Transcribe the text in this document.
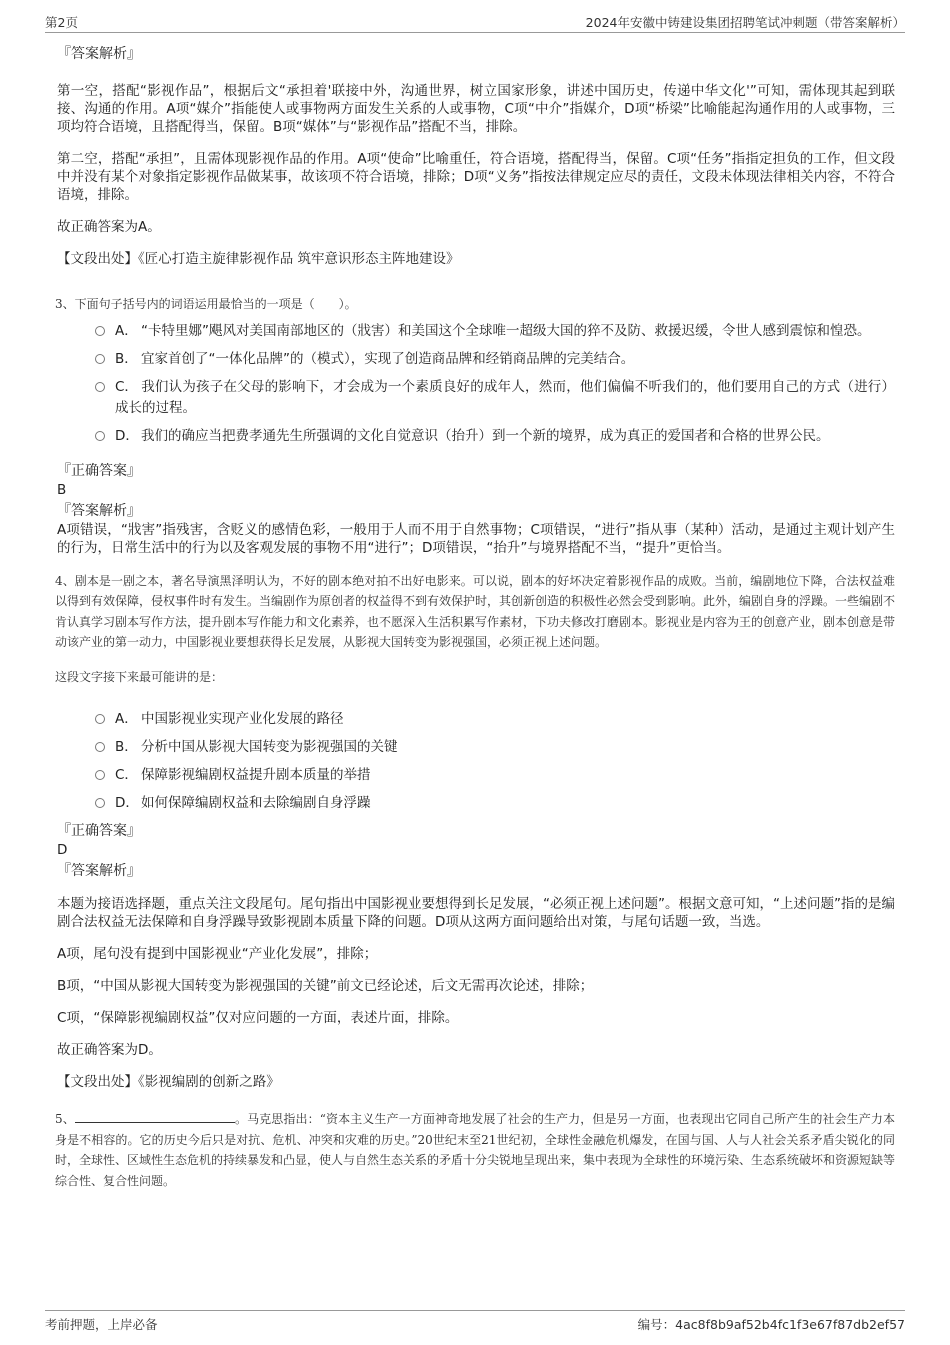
第2页	2024年安徽中铸建设集团招聘笔试冲刺题（带答案解析）
『答案解析』

第一空，搭配“影视作品”，根据后文“承担着'联接中外，沟通世界，树立国家形象，讲述中国历史，传递中华文化'”可知，需体现其起到联接、沟通的作用。A项“媒介”指能使人或事物两方面发生关系的人或事物，C项“中介”指媒介，D项“桥梁”比喻能起沟通作用的人或事物，三项均符合语境，且搭配得当，保留。B项“媒体”与“影视作品”搭配不当，排除。

第二空，搭配“承担”，且需体现影视作品的作用。A项“使命”比喻重任，符合语境，搭配得当，保留。C项“任务”指指定担负的工作，但文段中并没有某个对象指定影视作品做某事，故该项不符合语境，排除；D项“义务”指按法律规定应尽的责任，文段未体现法律相关内容，不符合语境，排除。

故正确答案为A。

【文段出处】《匠心打造主旋律影视作品 筑牢意识形态主阵地建设》

3、下面句子括号内的词语运用最恰当的一项是（　　）。

A． “卡特里娜”飓风对美国南部地区的（戕害）和美国这个全球唯一超级大国的猝不及防、救援迟缓，令世人感到震惊和惶恐。
B． 宜家首创了“一体化品牌”的（模式），实现了创造商品牌和经销商品牌的完美结合。
C． 我们认为孩子在父母的影响下，才会成为一个素质良好的成年人，然而，他们偏偏不听我们的，他们要用自己的方式（进行）成长的过程。
D． 我们的确应当把费孝通先生所强调的文化自觉意识（抬升）到一个新的境界，成为真正的爱国者和合格的世界公民。
『正确答案』
B
『答案解析』

A项错误，“戕害”指残害，含贬义的感情色彩，一般用于人而不用于自然事物；C项错误，“进行”指从事（某种）活动，是通过主观计划产生的行为，日常生活中的行为以及客观发展的事物不用“进行”；D项错误，“抬升”与境界搭配不当，“提升”更恰当。

4、剧本是一剧之本，著名导演黑泽明认为，不好的剧本绝对拍不出好电影来。可以说，剧本的好坏决定着影视作品的成败。当前，编剧地位下降，合法权益难以得到有效保障，侵权事件时有发生。当编剧作为原创者的权益得不到有效保护时，其创新创造的积极性必然会受到影响。此外，编剧自身的浮躁。一些编剧不肯认真学习剧本写作方法，提升剧本写作能力和文化素养，也不愿深入生活积累写作素材，下功夫修改打磨剧本。影视业是内容为王的创意产业，剧本创意是带动该产业的第一动力，中国影视业要想获得长足发展，从影视大国转变为影视强国，必须正视上述问题。

这段文字接下来最可能讲的是：

A． 中国影视业实现产业化发展的路径
B． 分析中国从影视大国转变为影视强国的关键
C． 保障影视编剧权益提升剧本质量的举措
D． 如何保障编剧权益和去除编剧自身浮躁
『正确答案』
D
『答案解析』

本题为接语选择题，重点关注文段尾句。尾句指出中国影视业要想得到长足发展，“必须正视上述问题”。根据文意可知，“上述问题”指的是编剧合法权益无法保障和自身浮躁导致影视剧本质量下降的问题。D项从这两方面问题给出对策，与尾句话题一致，当选。

A项，尾句没有提到中国影视业“产业化发展”，排除；

B项，“中国从影视大国转变为影视强国的关键”前文已经论述，后文无需再次论述，排除；

C项，“保障影视编剧权益”仅对应问题的一方面，表述片面，排除。

故正确答案为D。

【文段出处】《影视编剧的创新之路》

5、	。马克思指出：“资本主义生产一方面神奇地发展了社会的生产力，但是另一方面，也表现出它同自己所产生的社会生产力本身是不相容的。它的历史今后只是对抗、危机、冲突和灾难的历史。”20世纪末至21世纪初，全球性金融危机爆发，在国与国、人与人社会关系矛盾尖锐化的同时，全球性、区域性生态危机的持续暴发和凸显，使人与自然生态关系的矛盾十分尖锐地呈现出来，集中表现为全球性的环境污染、生态系统破坏和资源短缺等综合性、复合性问题。

考前押题，上岸必备	编号：4ac8f8b9af52b4fc1f3e67f87db2ef57
